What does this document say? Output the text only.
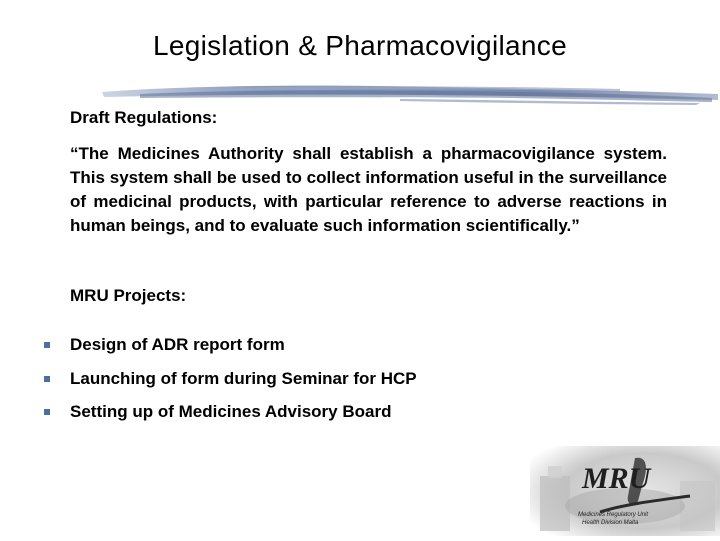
Legislation & Pharmacovigilance
Draft Regulations:
“The Medicines Authority shall establish a pharmacovigilance system. This system shall be used to collect information useful in the surveillance of medicinal products, with particular reference to adverse reactions in human beings, and to evaluate such information scientifically.”
MRU Projects:
Design of ADR report form
Launching of form during Seminar for HCP
Setting up of Medicines Advisory Board
MRU
Medicines Regulatory Unit
Health Division Malta
